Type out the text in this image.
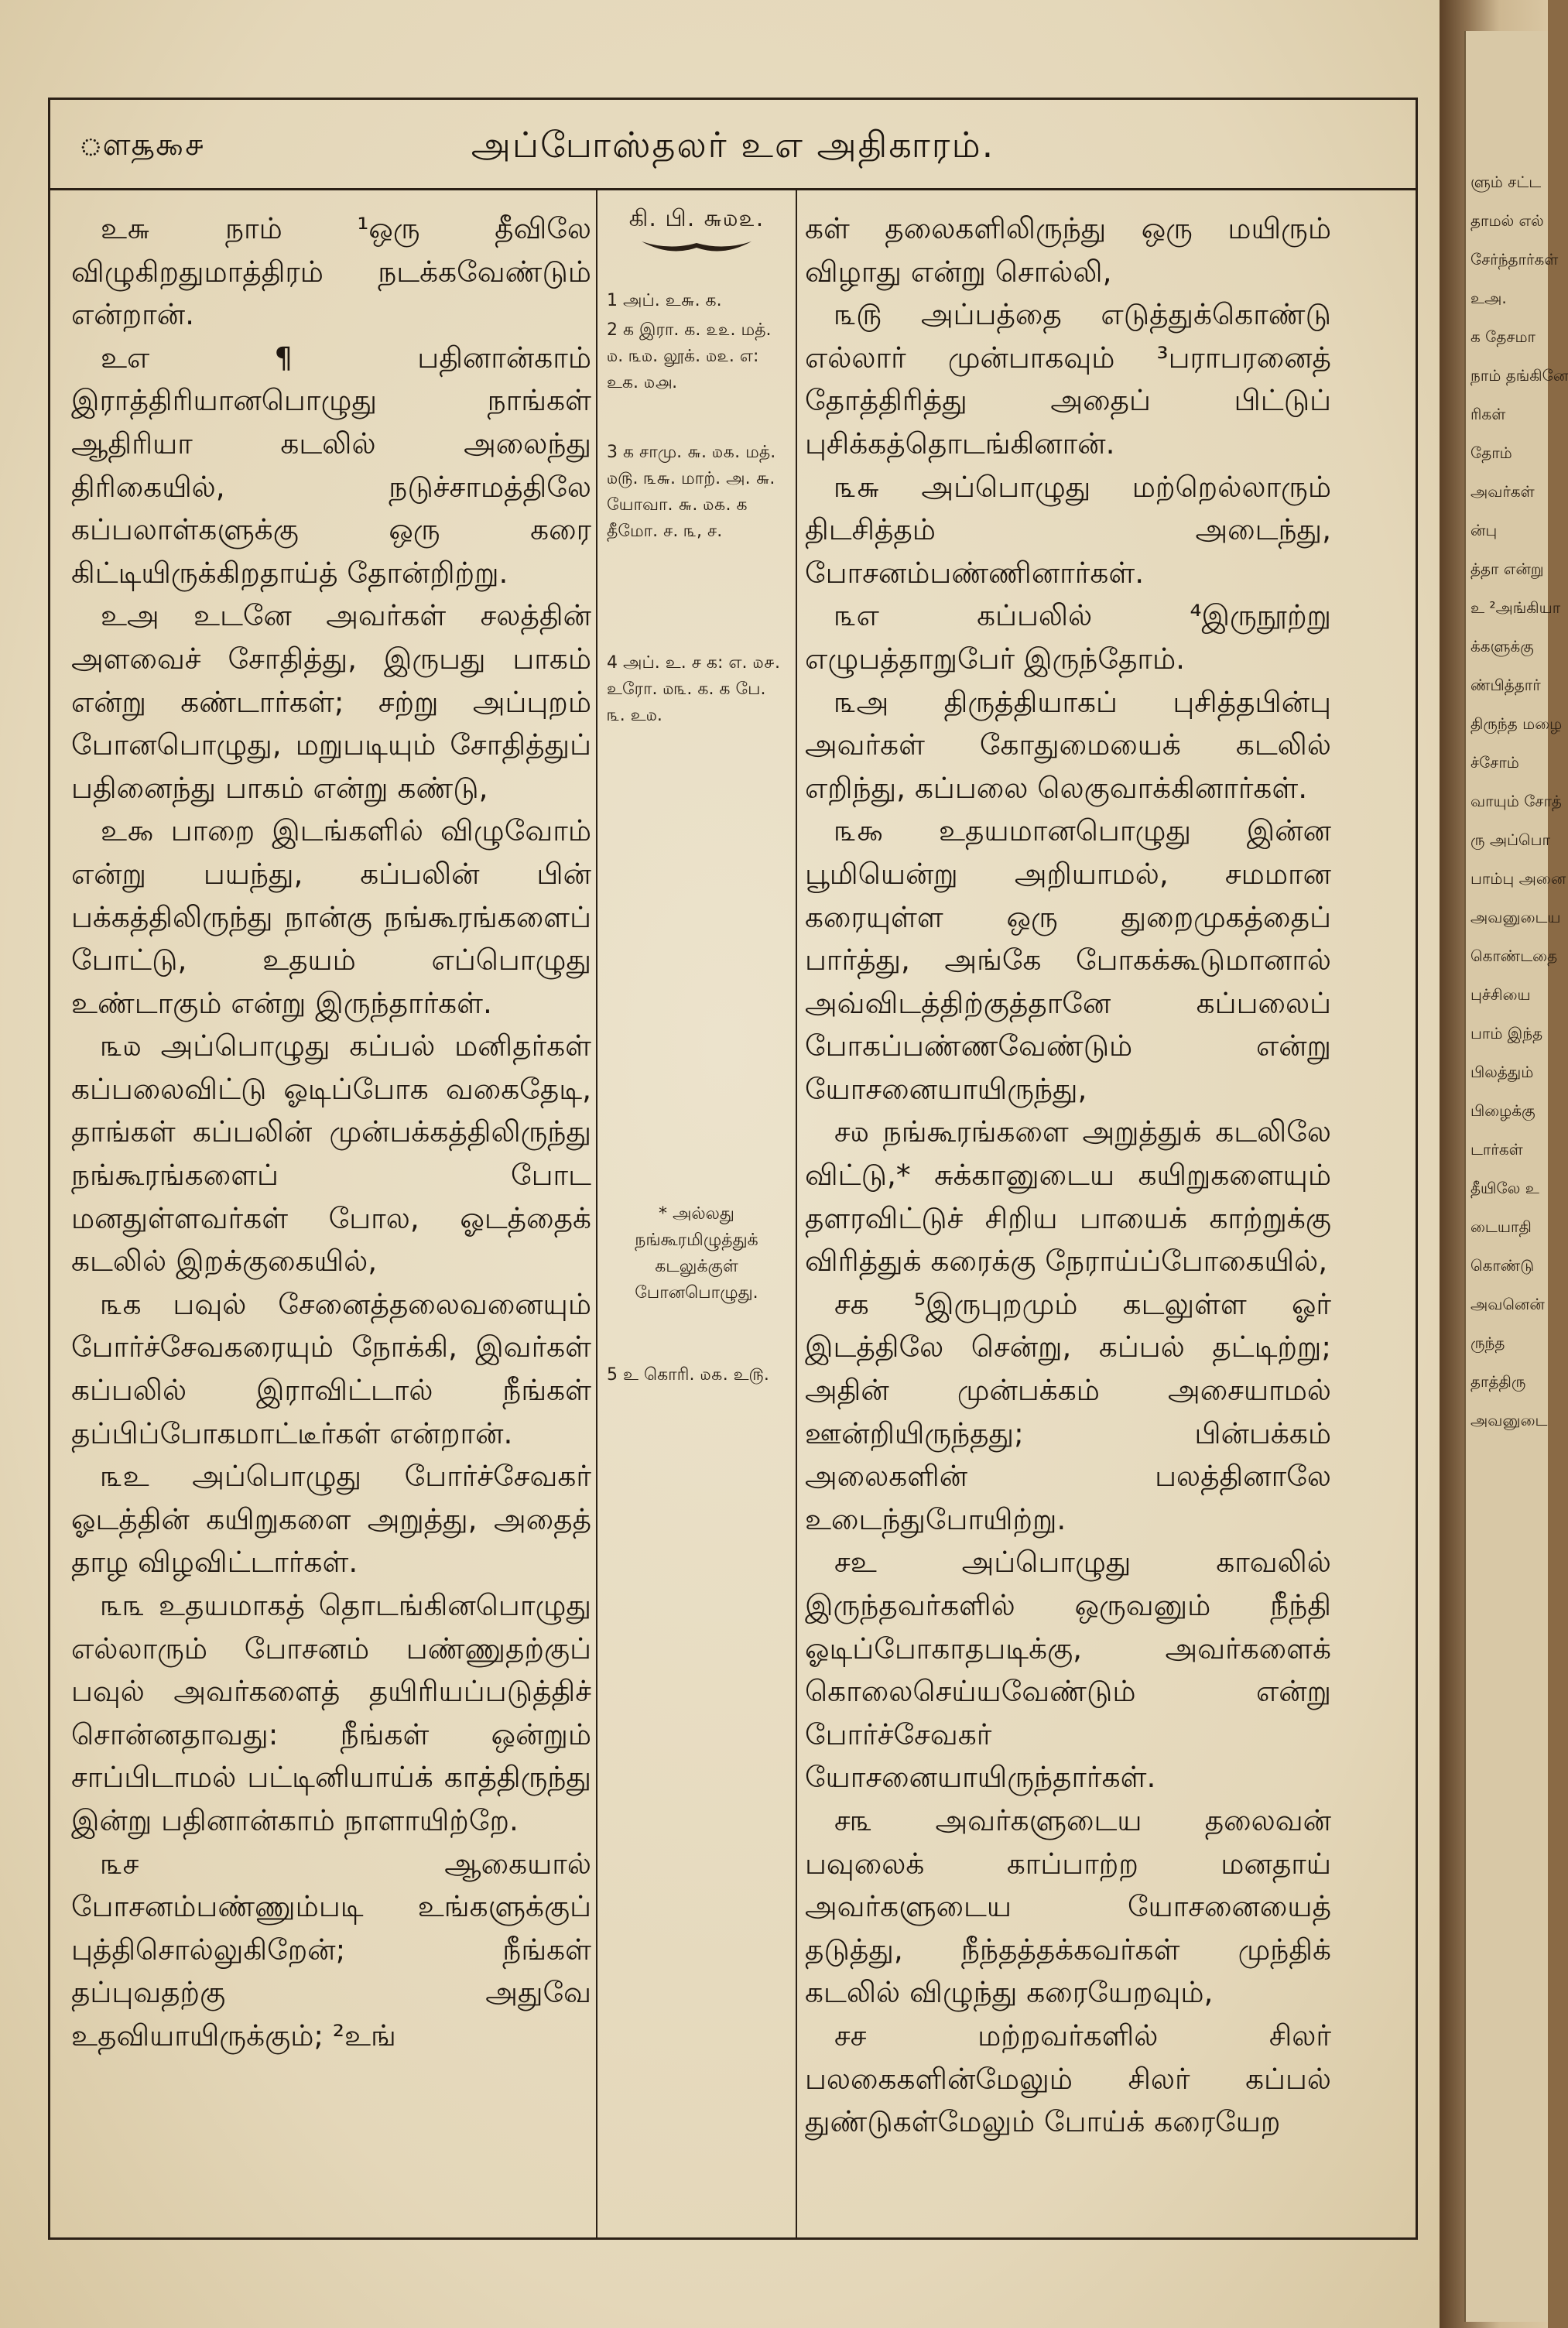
ௗ௲௯௪	அப்போஸ்தலர் உஎ அதிகாரம்.

உ௬ நாம் ¹ஒரு தீவிலே விழுகிறதுமாத்திரம் நடக்கவேண்டும் என்றான்.

உஎ ¶ பதினான்காம் இராத்திரியானபொழுது நாங்கள் ஆதிரியா கடலில் அலைந்து திரிகையில், நடுச்சாமத்திலே கப்பலாள்களுக்கு ஒரு கரை கிட்டியிருக்கிறதாய்த் தோன்றிற்று.

உஅ உடனே அவர்கள் சலத்தின் அளவைச் சோதித்து, இருபது பாகம் என்று கண்டார்கள்; சற்று அப்புறம் போனபொழுது, மறுபடியும் சோதித்துப் பதினைந்து பாகம் என்று கண்டு,

உ௯ பாறை இடங்களில் விழுவோம் என்று பயந்து, கப்பலின் பின் பக்கத்திலிருந்து நான்கு நங்கூரங்களைப் போட்டு, உதயம் எப்பொழுது உண்டாகும் என்று இருந்தார்கள்.

௩௰ அப்பொழுது கப்பல் மனிதர்கள் கப்பலைவிட்டு ஓடிப்போக வகைதேடி, தாங்கள் கப்பலின் முன்பக்கத்திலிருந்து நங்கூரங்களைப் போட மனதுள்ளவர்கள் போல, ஓடத்தைக் கடலில் இறக்குகையில்,

௩க பவுல் சேனைத்தலைவனையும் போர்ச்சேவகரையும் நோக்கி, இவர்கள் கப்பலில் இராவிட்டால் நீங்கள் தப்பிப்போகமாட்டீர்கள் என்றான்.

௩உ அப்பொழுது போர்ச்சேவகர் ஓடத்தின் கயிறுகளை அறுத்து, அதைத் தாழ விழவிட்டார்கள்.

௩௩ உதயமாகத் தொடங்கினபொழுது எல்லாரும் போசனம் பண்ணுதற்குப் பவுல் அவர்களைத் தயிரியப்படுத்திச் சொன்னதாவது: நீங்கள் ஒன்றும் சாப்பிடாமல் பட்டினியாய்க் காத்திருந்து இன்று பதினான்காம் நாளாயிற்றே.

௩ச ஆகையால் போசனம்பண்ணும்படி உங்களுக்குப் புத்திசொல்லுகிறேன்; நீங்கள் தப்புவதற்கு அதுவே உதவியாயிருக்கும்; ²உங்

கி. பி. ௬௰௨.
1 அப். உ௬. க.
2 க இரா. க. ௨௨. மத். ௰. ௩௰. லூக். ௰௨. எ: உக. ௰௮.
3 க சாமு. ௬. ௰௧. மத். ௰௫. ௩௬. மாற். அ. ௬. யோவா. ௬. ௰௧. க தீமோ. ச. ௩, ச.
4 அப். உ. ச க: எ. ௰௪. உரோ. ௰௩. க. க பே. ௩. உ௰.
* அல்லது நங்கூரமிழுத்துக் கடலுக்குள் போனபொழுது.
5 உ கொரி. ௰௧. உ௫.

கள் தலைகளிலிருந்து ஒரு மயிரும் விழாது என்று சொல்லி,

௩௫ அப்பத்தை எடுத்துக்கொண்டு எல்லார் முன்பாகவும் ³பராபரனைத் தோத்திரித்து அதைப் பிட்டுப் புசிக்கத்தொடங்கினான்.

௩௬ அப்பொழுது மற்றெல்லாரும் திடசித்தம் அடைந்து, போசனம்பண்ணினார்கள்.

௩எ கப்பலில் ⁴இருநூற்று எழுபத்தாறுபேர் இருந்தோம்.

௩அ திருத்தியாகப் புசித்தபின்பு அவர்கள் கோதுமையைக் கடலில் எறிந்து, கப்பலை லெகுவாக்கினார்கள்.

௩௯ உதயமானபொழுது இன்ன பூமியென்று அறியாமல், சமமான கரையுள்ள ஒரு துறைமுகத்தைப் பார்த்து, அங்கே போகக்கூடுமானால் அவ்விடத்திற்குத்தானே கப்பலைப் போகப்பண்ணவேண்டும் என்று யோசனையாயிருந்து,

ச௰ நங்கூரங்களை அறுத்துக் கடலிலே விட்டு,* சுக்கானுடைய கயிறுகளையும் தளரவிட்டுச் சிறிய பாயைக் காற்றுக்கு விரித்துக் கரைக்கு நேராய்ப்போகையில்,

சக ⁵இருபுறமும் கடலுள்ள ஓர் இடத்திலே சென்று, கப்பல் தட்டிற்று; அதின் முன்பக்கம் அசையாமல் ஊன்றியிருந்தது; பின்பக்கம் அலைகளின் பலத்தினாலே உடைந்துபோயிற்று.

சஉ அப்பொழுது காவலில் இருந்தவர்களில் ஒருவனும் நீந்தி ஓடிப்போகாதபடிக்கு, அவர்களைக் கொலைசெய்யவேண்டும் என்று போர்ச்சேவகர் யோசனையாயிருந்தார்கள்.

ச௩ அவர்களுடைய தலைவன் பவுலைக் காப்பாற்ற மனதாய் அவர்களுடைய யோசனையைத் தடுத்து, நீந்தத்தக்கவர்கள் முந்திக் கடலில் விழுந்து கரையேறவும்,

சச மற்றவர்களில் சிலர் பலகைகளின்மேலும் சிலர் கப்பல் துண்டுகள்மேலும் போய்க் கரையேற

ளும் சட்ட
தாமல் எல்
சேர்ந்தார்கள்
உஅ.
க தேசமா
நாம் தங்கினே
ரிகள்
தோம்
அவர்கள்
ன்பு
த்தா என்று
உ ²அங்கியா
க்களுக்கு
ண்பித்தார்
திருந்த மழை
ச்சோம்
வாயும் சோத்
ரு அப்பொ
பாம்பு அனை
அவனுடைய
கொண்டதை
புச்சியை
பாம் இந்த
பிலத்தும்
பிழைக்கு
டார்கள்
தீயிலே உ
டையாதி
கொண்டு
அவனென்
ருந்த
தாத்திரு
அவனுடை
